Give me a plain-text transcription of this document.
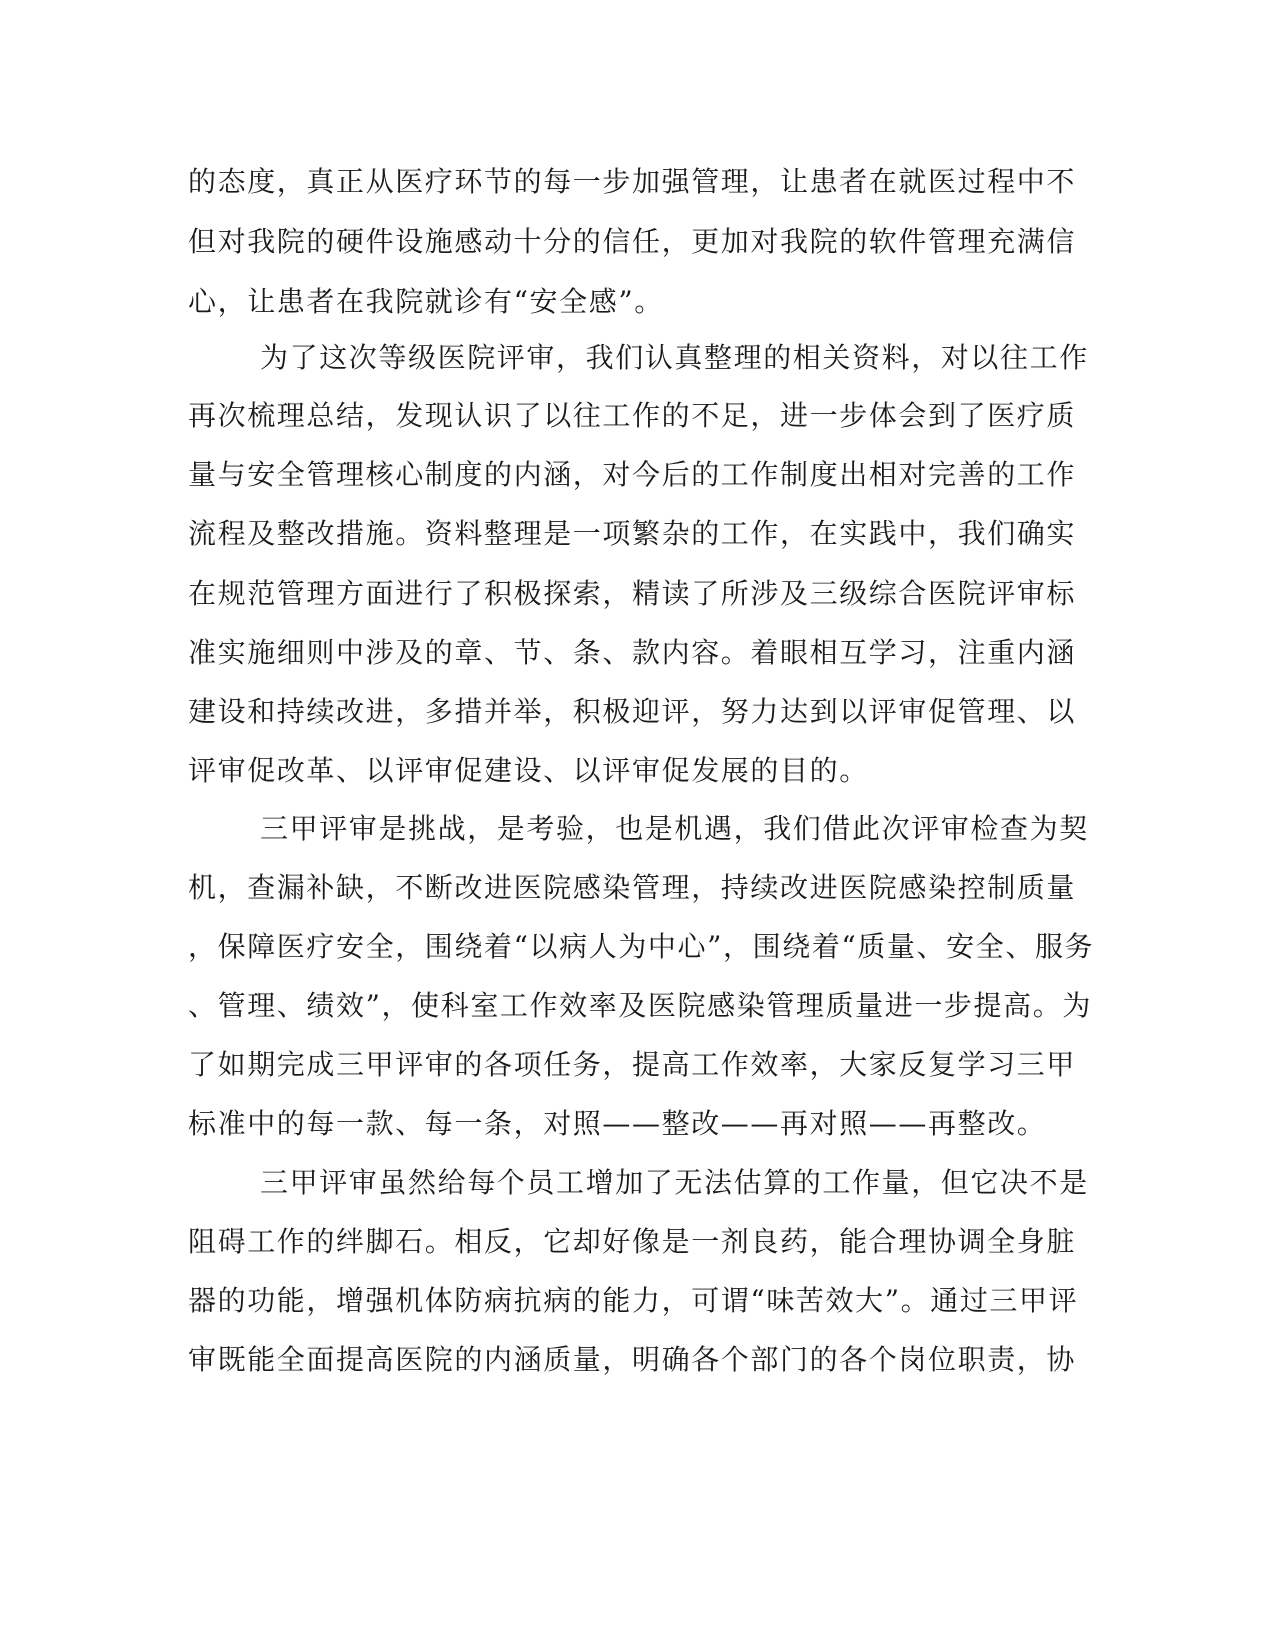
的态度，真正从医疗环节的每一步加强管理，让患者在就医过程中不
但对我院的硬件设施感动十分的信任，更加对我院的软件管理充满信
心，让患者在我院就诊有“安全感”。
为了这次等级医院评审，我们认真整理的相关资料，对以往工作
再次梳理总结，发现认识了以往工作的不足，进一步体会到了医疗质
量与安全管理核心制度的内涵，对今后的工作制度出相对完善的工作
流程及整改措施。资料整理是一项繁杂的工作，在实践中，我们确实
在规范管理方面进行了积极探索，精读了所涉及三级综合医院评审标
准实施细则中涉及的章、节、条、款内容。着眼相互学习，注重内涵
建设和持续改进，多措并举，积极迎评，努力达到以评审促管理、以
评审促改革、以评审促建设、以评审促发展的目的。
三甲评审是挑战，是考验，也是机遇，我们借此次评审检查为契
机，查漏补缺，不断改进医院感染管理，持续改进医院感染控制质量
，保障医疗安全，围绕着“以病人为中心”，围绕着“质量、安全、服务
、管理、绩效”，使科室工作效率及医院感染管理质量进一步提高。为
了如期完成三甲评审的各项任务，提高工作效率，大家反复学习三甲
标准中的每一款、每一条，对照——整改——再对照——再整改。
三甲评审虽然给每个员工增加了无法估算的工作量，但它决不是
阻碍工作的绊脚石。相反，它却好像是一剂良药，能合理协调全身脏
器的功能，增强机体防病抗病的能力，可谓“味苦效大”。通过三甲评
审既能全面提高医院的内涵质量，明确各个部门的各个岗位职责，协
